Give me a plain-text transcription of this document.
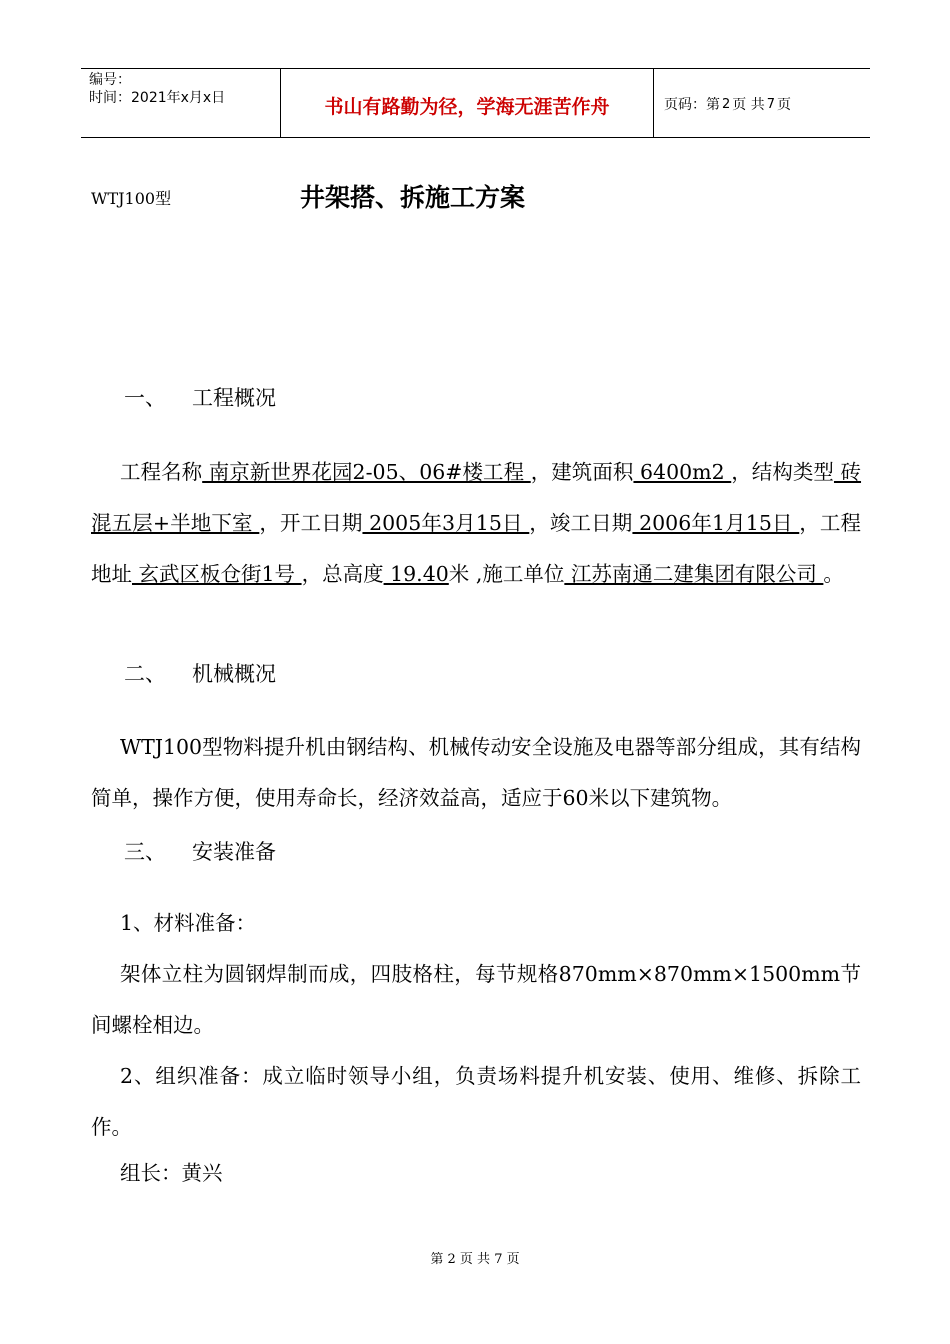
编号：
时间：2021年x月x日	书山有路勤为径，学海无涯苦作舟	页码：第 2 页 共 7 页
WTJ100型	井架搭、拆施工方案
一、	工程概况
工程名称 南京新世界花园2-05、06#楼工程 ，建筑面积 6400m2 ，结构类型 砖混五层+半地下室 ，开工日期 2005年3月15日 ，竣工日期 2006年1月15日 ，工程地址 玄武区板仓街1号 ，总高度 19.40米 ,施工单位 江苏南通二建集团有限公司 。
二、	机械概况
WTJ100型物料提升机由钢结构、机械传动安全设施及电器等部分组成，其有结构简单，操作方便，使用寿命长，经济效益高，适应于60米以下建筑物。
三、	安装准备
1、材料准备：
架体立柱为圆钢焊制而成，四肢格柱，每节规格870mm×870mm×1500mm节间螺栓相边。
2、组织准备：成立临时领导小组，负责场料提升机安装、使用、维修、拆除工作。
组长：黄兴
第 2 页 共 7 页
